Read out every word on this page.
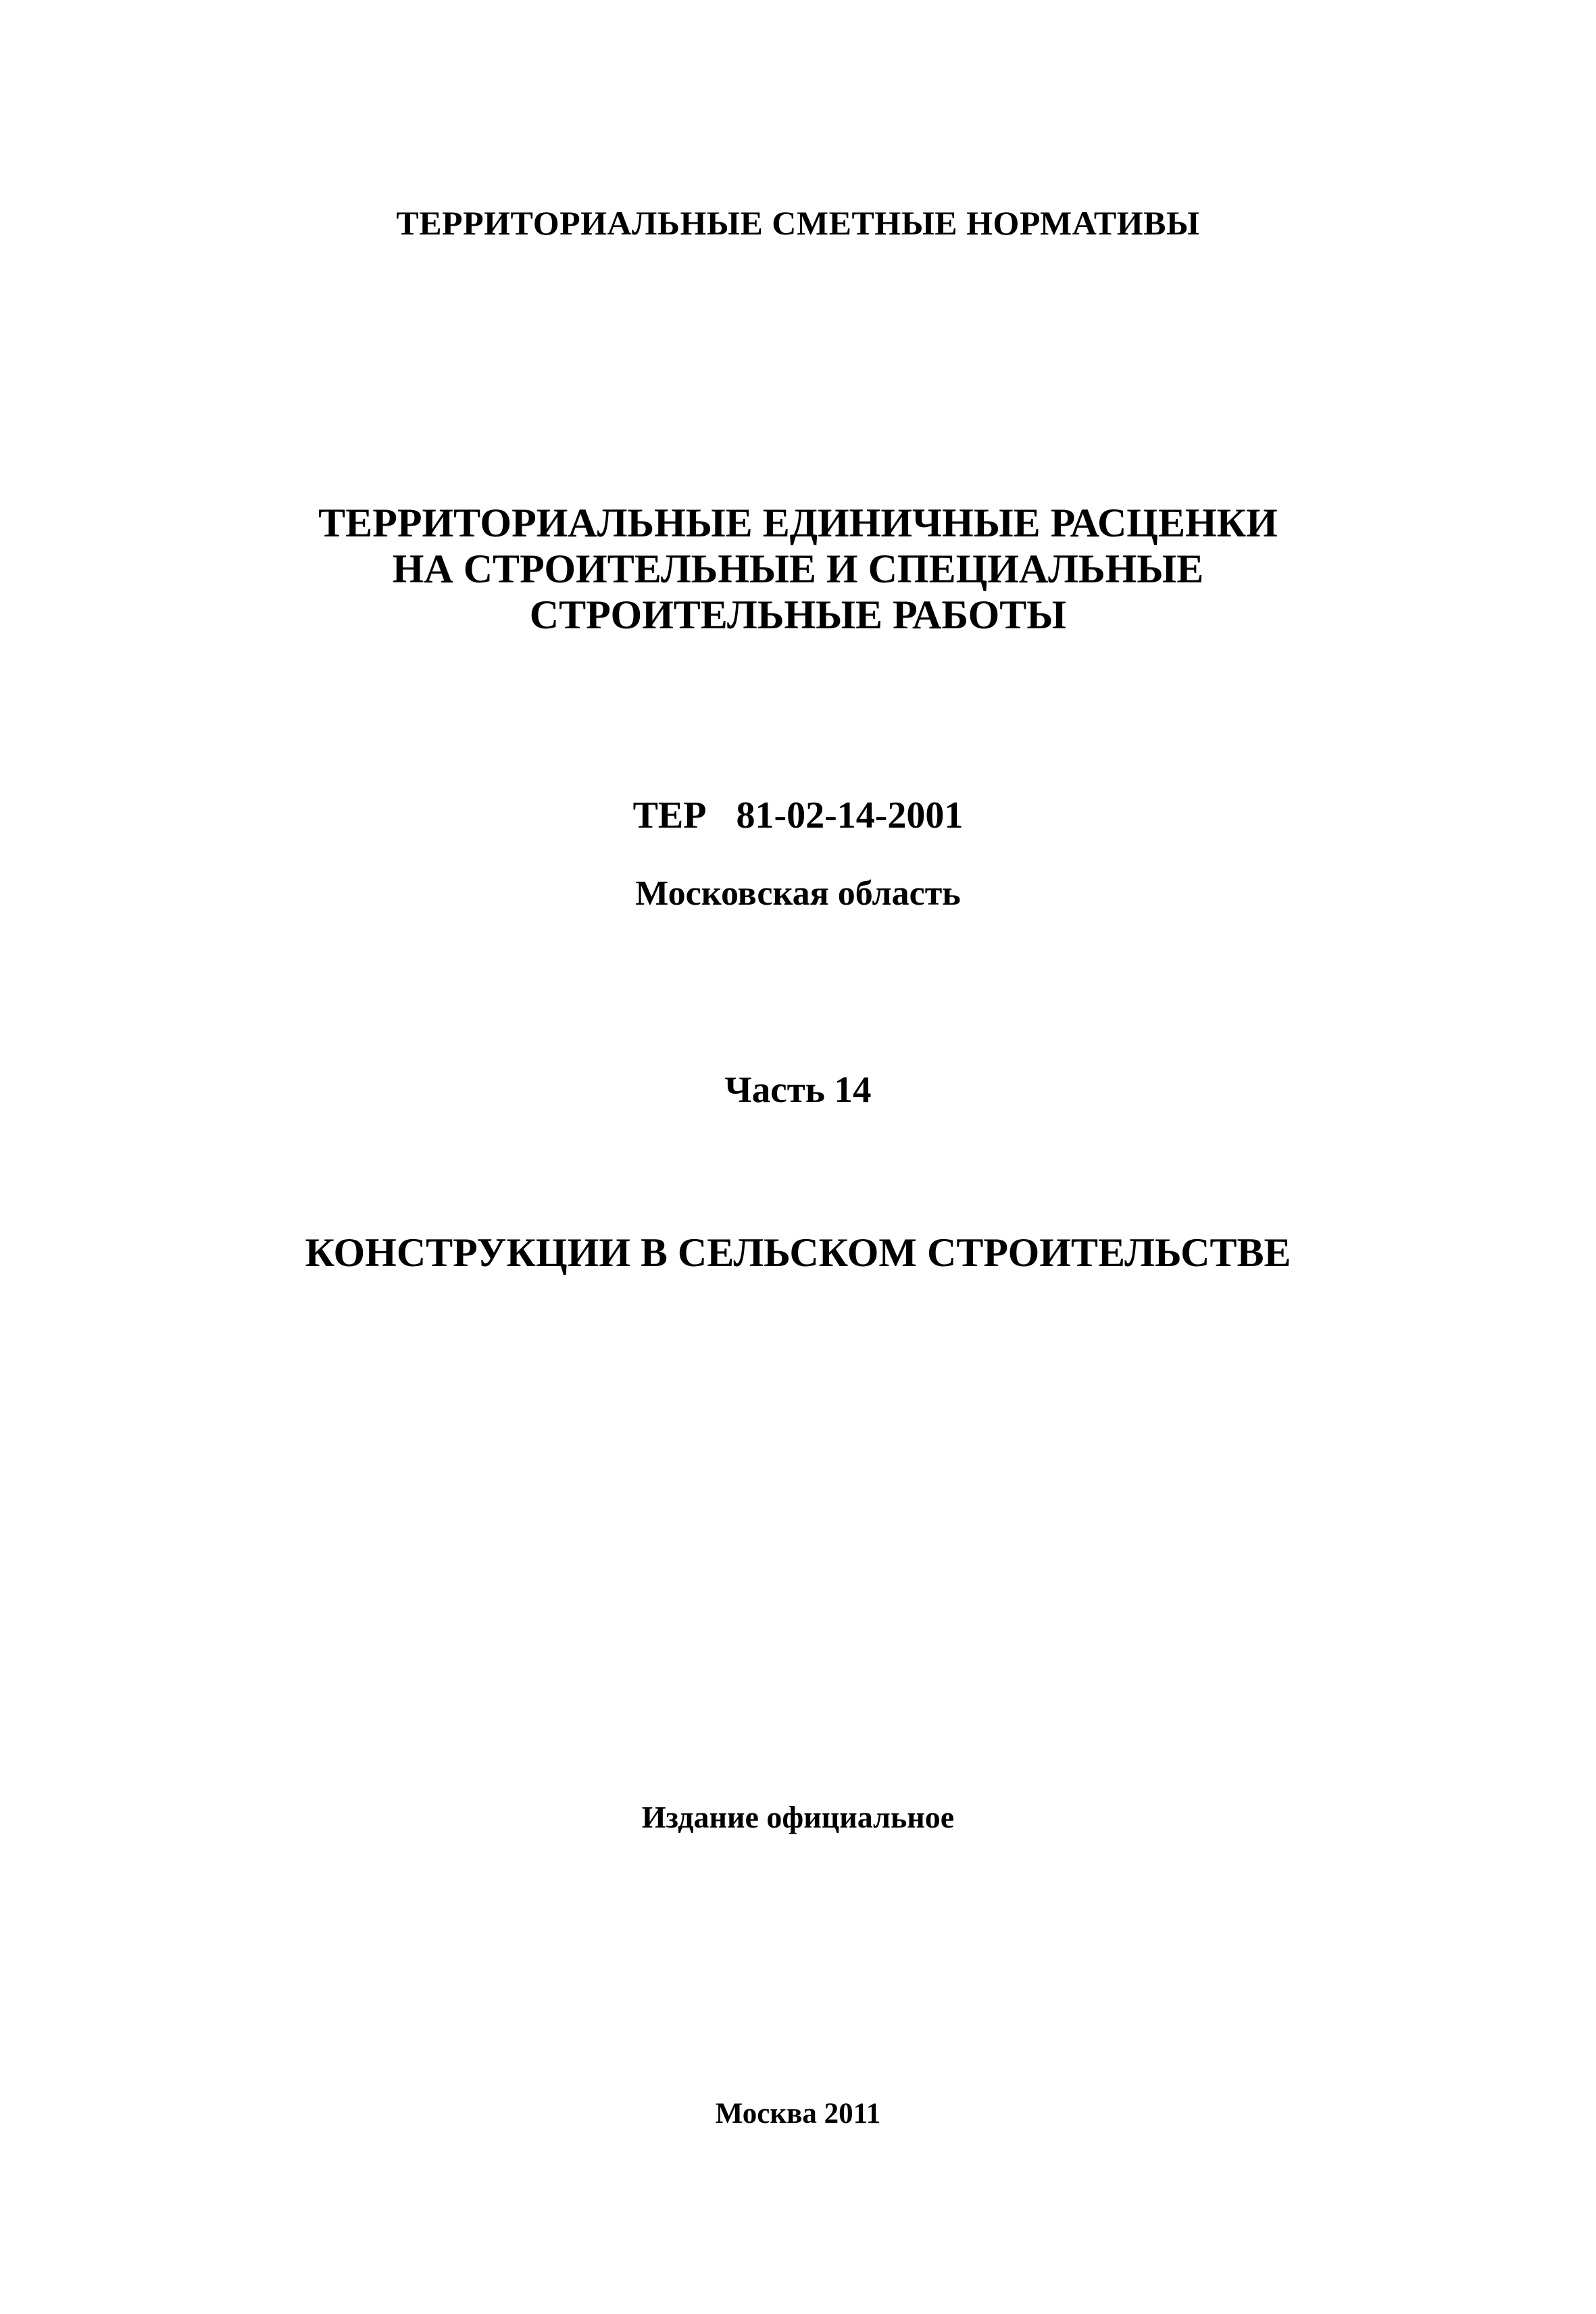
ТЕРРИТОРИАЛЬНЫЕ СМЕТНЫЕ НОРМАТИВЫ

ТЕРРИТОРИАЛЬНЫЕ ЕДИНИЧНЫЕ РАСЦЕНКИ
НА СТРОИТЕЛЬНЫЕ И СПЕЦИАЛЬНЫЕ
СТРОИТЕЛЬНЫЕ РАБОТЫ

ТЕР  81-02-14-2001

Московская область

Часть 14

КОНСТРУКЦИИ В СЕЛЬСКОМ СТРОИТЕЛЬСТВЕ

Издание официальное

Москва 2011
